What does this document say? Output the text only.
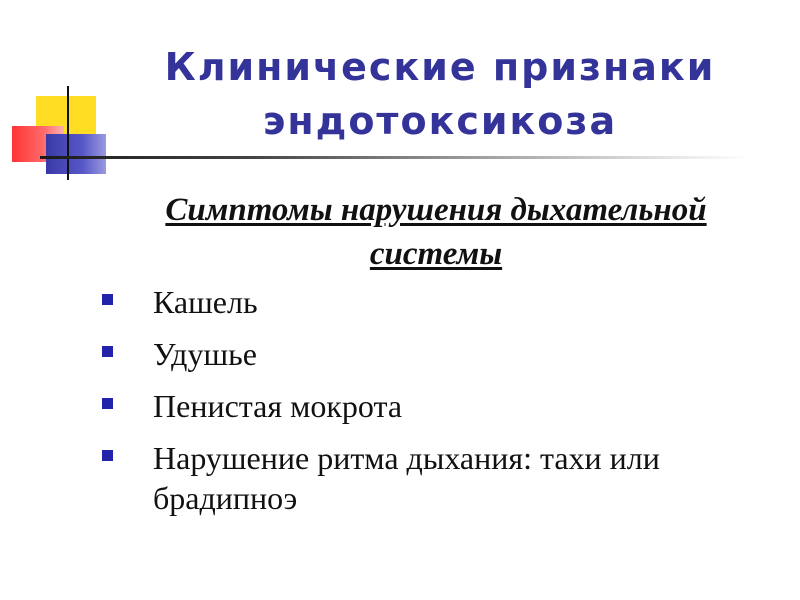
Клинические признаки
эндотоксикоза

Симптомы нарушения дыхательной системы

Кашель
Удушье
Пенистая мокрота
Нарушение ритма дыхания: тахи или брадипноэ
